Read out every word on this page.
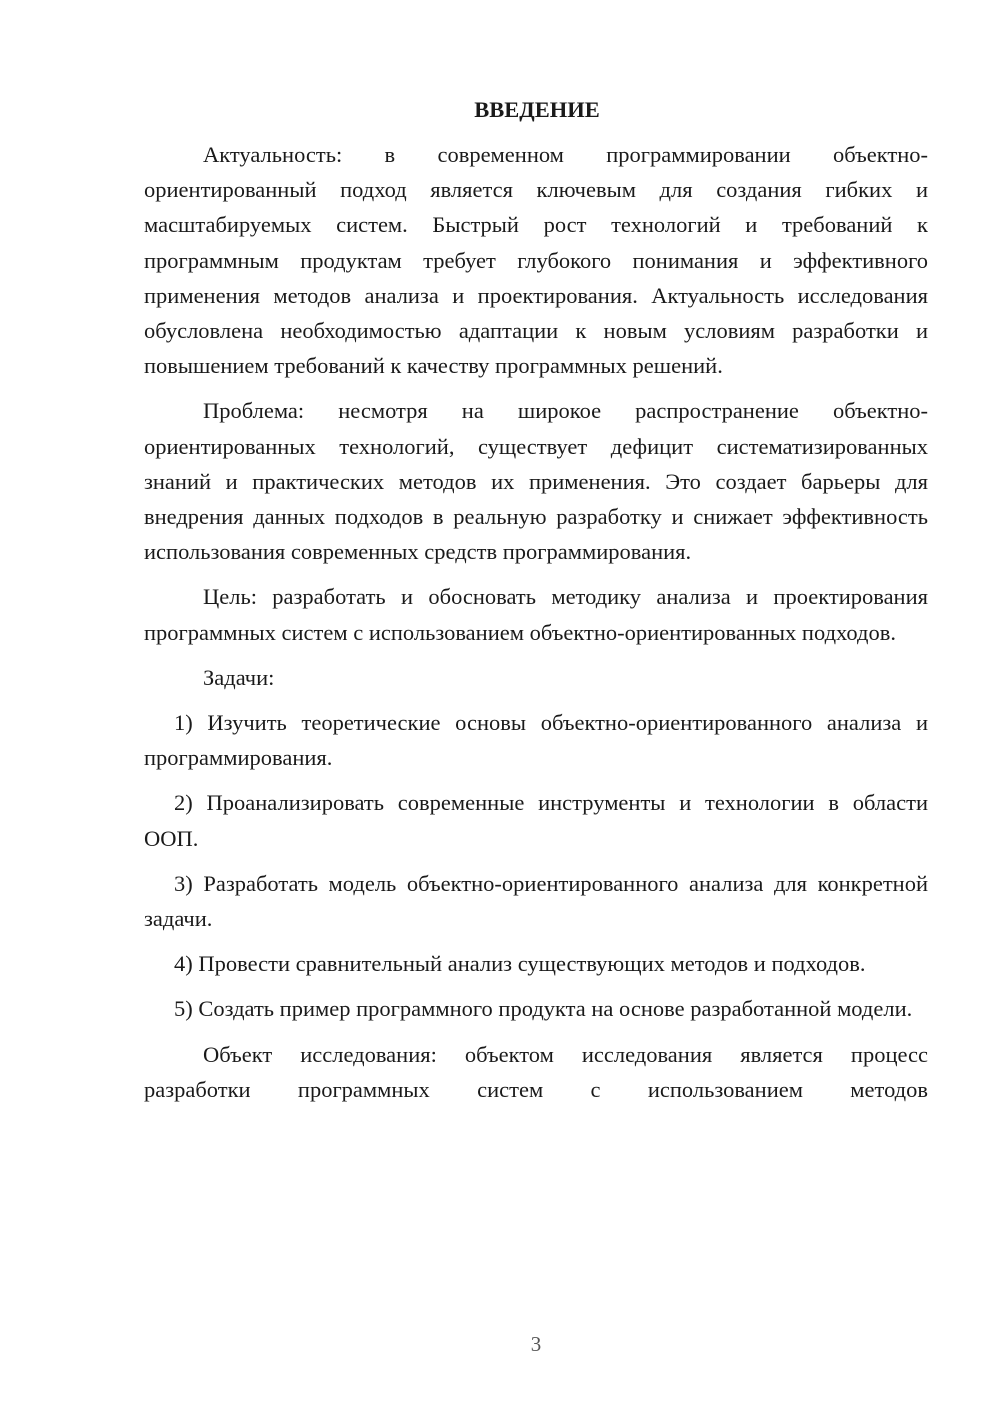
ВВЕДЕНИЕ

Актуальность: в современном программировании объектно-ориентированный подход является ключевым для создания гибких и масштабируемых систем. Быстрый рост технологий и требований к программным продуктам требует глубокого понимания и эффективного применения методов анализа и проектирования. Актуальность исследования обусловлена необходимостью адаптации к новым условиям разработки и повышением требований к качеству программных решений.

Проблема: несмотря на широкое распространение объектно-ориентированных технологий, существует дефицит систематизированных знаний и практических методов их применения. Это создает барьеры для внедрения данных подходов в реальную разработку и снижает эффективность использования современных средств программирования.

Цель: разработать и обосновать методику анализа и проектирования программных систем с использованием объектно-ориентированных подходов.

Задачи:

1) Изучить теоретические основы объектно-ориентированного анализа и программирования.

2) Проанализировать современные инструменты и технологии в области ООП.

3) Разработать модель объектно-ориентированного анализа для конкретной задачи.

4) Провести сравнительный анализ существующих методов и подходов.

5) Создать пример программного продукта на основе разработанной модели.

Объект исследования: объектом исследования является процесс разработки программных систем с использованием методов

3
